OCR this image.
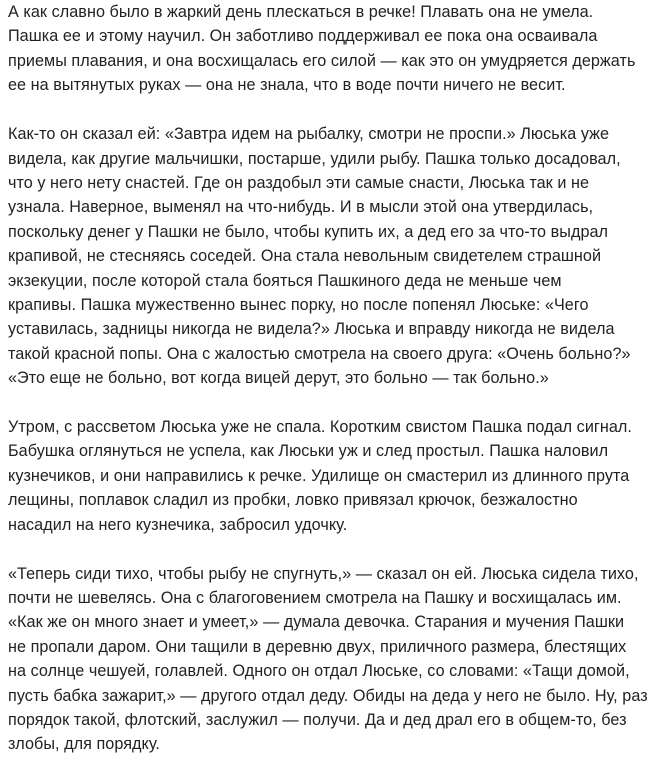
А как славно было в жаркий день плескаться в речке! Плавать она не умела.
Пашка ее и этому научил. Он заботливо поддерживал ее пока она осваивала
приемы плавания, и она восхищалась его силой — как это он умудряется держать
ее на вытянутых руках — она не знала, что в воде почти ничего не весит.
Как-то он сказал ей: «Завтра идем на рыбалку, смотри не проспи.» Люська уже
видела, как другие мальчишки, постарше, удили рыбу. Пашка только досадовал,
что у него нету снастей. Где он раздобыл эти самые снасти, Люська так и не
узнала. Наверное, выменял на что-нибудь. И в мысли этой она утвердилась,
поскольку денег у Пашки не было, чтобы купить их, а дед его за что-то выдрал
крапивой, не стесняясь соседей. Она стала невольным свидетелем страшной
экзекуции, после которой стала бояться Пашкиного деда не меньше чем
крапивы. Пашка мужественно вынес порку, но после попенял Люське: «Чего
уставилась, задницы никогда не видела?» Люська и вправду никогда не видела
такой красной попы. Она с жалостью смотрела на своего друга: «Очень больно?»
«Это еще не больно, вот когда вицей дерут, это больно — так больно.»
Утром, с рассветом Люська уже не спала. Коротким свистом Пашка подал сигнал.
Бабушка оглянуться не успела, как Люськи уж и след простыл. Пашка наловил
кузнечиков, и они направились к речке. Удилище он смастерил из длинного прута
лещины, поплавок сладил из пробки, ловко привязал крючок, безжалостно
насадил на него кузнечика, забросил удочку.
«Теперь сиди тихо, чтобы рыбу не спугнуть,» — сказал он ей. Люська сидела тихо,
почти не шевелясь. Она с благоговением смотрела на Пашку и восхищалась им.
«Как же он много знает и умеет,» — думала девочка. Старания и мучения Пашки
не пропали даром. Они тащили в деревню двух, приличного размера, блестящих
на солнце чешуей, голавлей. Одного он отдал Люське, со словами: «Тащи домой,
пусть бабка зажарит,» — другого отдал деду. Обиды на деда у него не было. Ну, раз
порядок такой, флотский, заслужил — получи. Да и дед драл его в общем-то, без
злобы, для порядку.
